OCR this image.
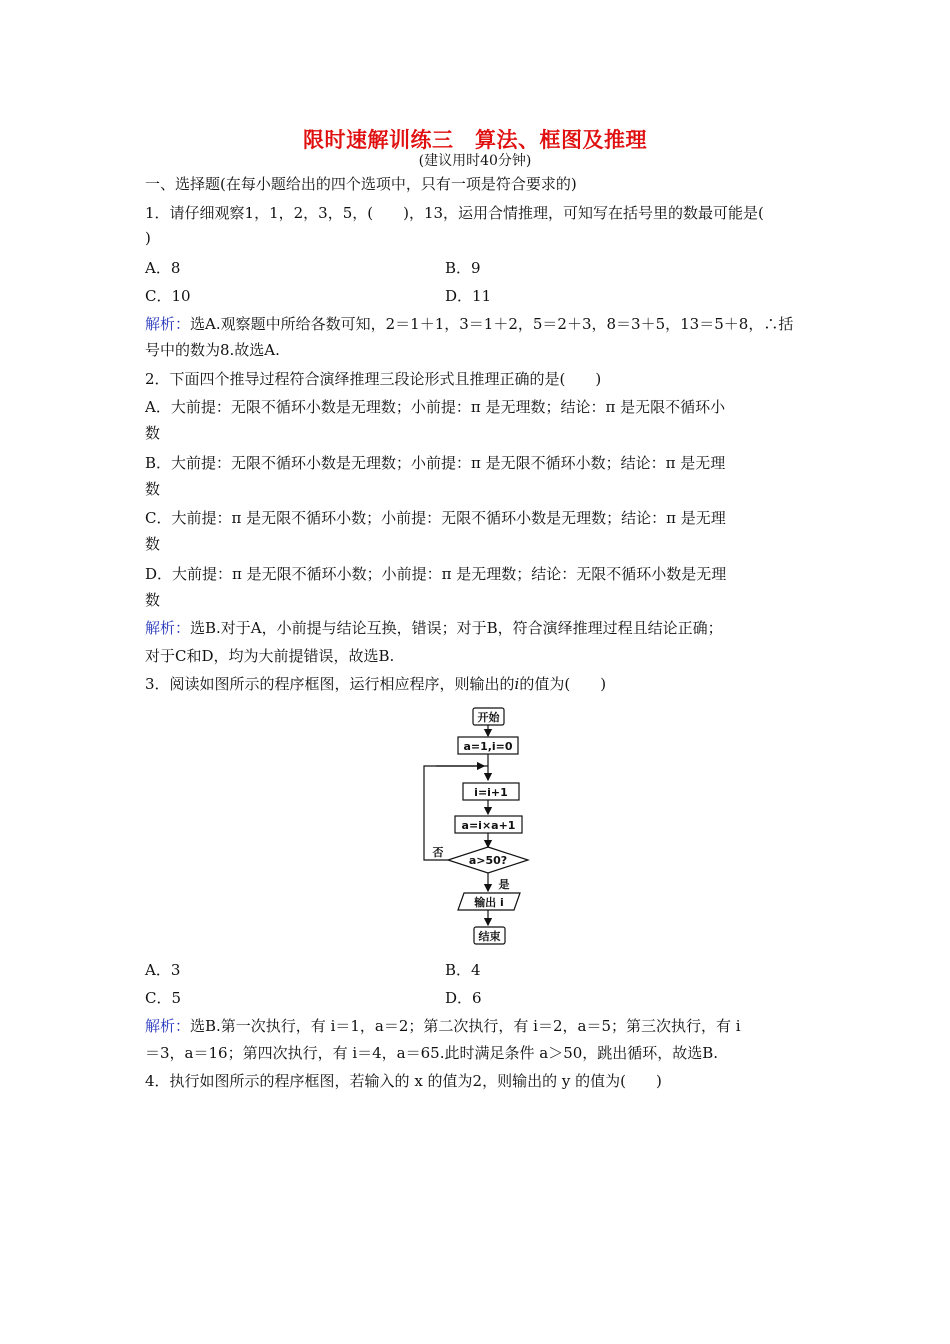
限时速解训练三　算法、框图及推理
(建议用时40分钟)
一、选择题(在每小题给出的四个选项中，只有一项是符合要求的)
1．请仔细观察1，1，2，3，5，(　　)，13，运用合情推理，可知写在括号里的数最可能是(
)
A．8	B．9
C．10	D．11
解析：选A.观察题中所给各数可知，2＝1＋1，3＝1＋2，5＝2＋3，8＝3＋5，13＝5＋8，∴括
号中的数为8.故选A.
2．下面四个推导过程符合演绎推理三段论形式且推理正确的是(　　)
A．大前提：无限不循环小数是无理数；小前提：π 是无理数；结论：π 是无限不循环小
数
B．大前提：无限不循环小数是无理数；小前提：π 是无限不循环小数；结论：π 是无理
数
C．大前提：π 是无限不循环小数；小前提：无限不循环小数是无理数；结论：π 是无理
数
D．大前提：π 是无限不循环小数；小前提：π 是无理数；结论：无限不循环小数是无理
数
解析：选B.对于A，小前提与结论互换，错误；对于B，符合演绎推理过程且结论正确；
对于C和D，均为大前提错误，故选B.
3．阅读如图所示的程序框图，运行相应程序，则输出的i的值为(　　)
开始
a=1,i=0
i=i+1
a=i×a+1
a>50?
否
是
输出 i
结束
A．3	B．4
C．5	D．6
解析：选B.第一次执行，有 i＝1，a＝2；第二次执行，有 i＝2，a＝5；第三次执行，有 i
＝3，a＝16；第四次执行，有 i＝4，a＝65.此时满足条件 a＞50，跳出循环，故选B.
4．执行如图所示的程序框图，若输入的 x 的值为2，则输出的 y 的值为(　　)
